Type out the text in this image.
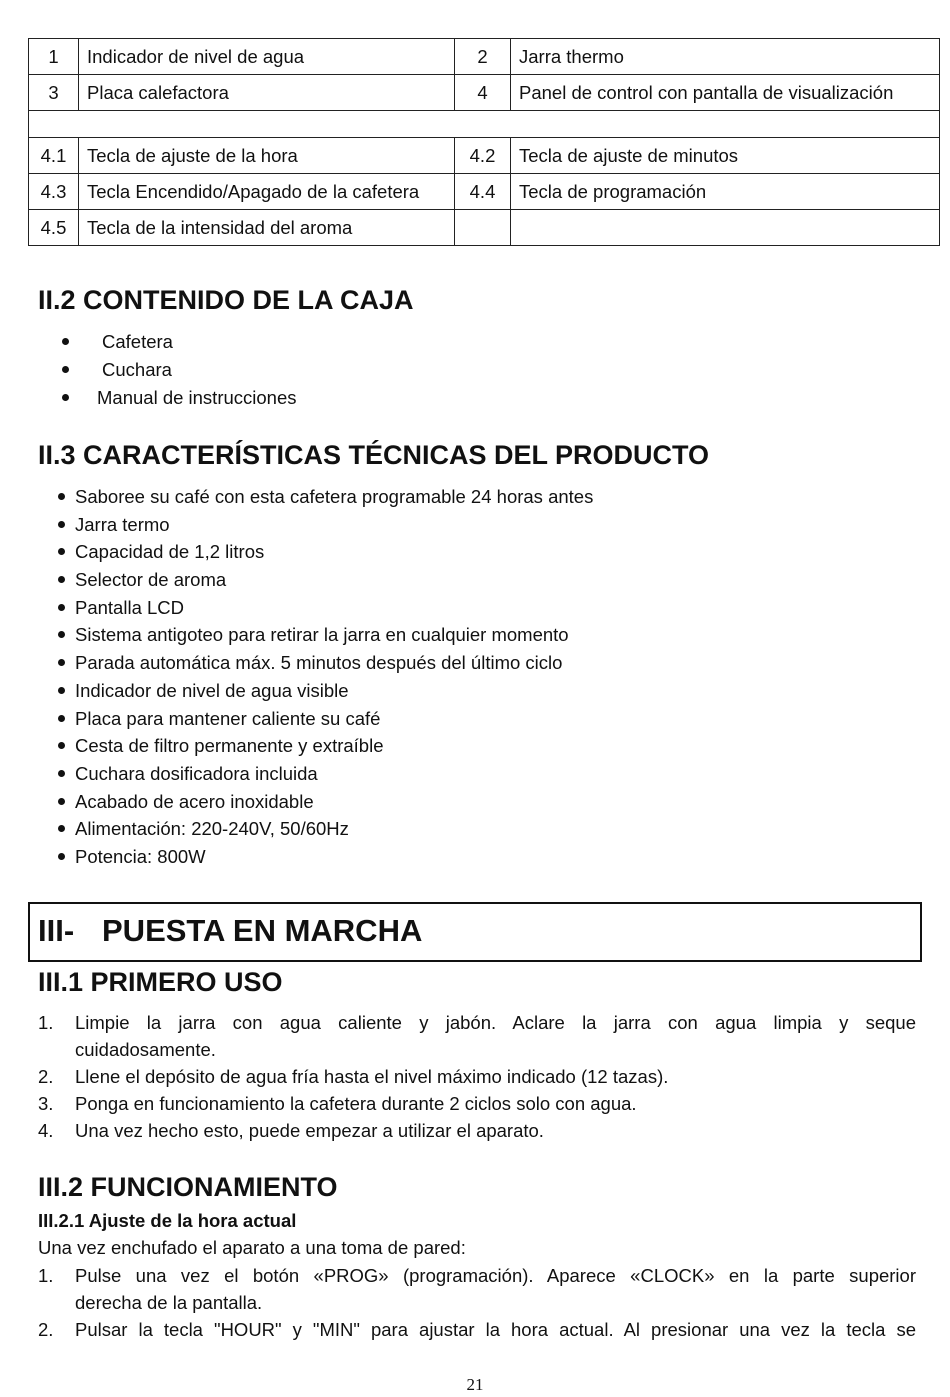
1	Indicador de nivel de agua	2	Jarra thermo
3	Placa calefactora	4	Panel de control con pantalla de visualización

4.1	Tecla de ajuste de la hora	4.2	Tecla de ajuste de minutos
4.3	Tecla Encendido/Apagado de la cafetera	4.4	Tecla de programación
4.5	Tecla de la intensidad del aroma		
II.2 CONTENIDO DE LA CAJA
Cafetera
Cuchara
Manual de instrucciones
II.3 CARACTERÍSTICAS TÉCNICAS DEL PRODUCTO
Saboree su café con esta cafetera programable 24 horas antes
Jarra termo
Capacidad de 1,2 litros
Selector de aroma
Pantalla LCD
Sistema antigoteo para retirar la jarra en cualquier momento
Parada automática máx. 5 minutos después del último ciclo
Indicador de nivel de agua visible
Placa para mantener caliente su café
Cesta de filtro permanente y extraíble
Cuchara dosificadora incluida
Acabado de acero inoxidable
Alimentación: 220-240V, 50/60Hz
Potencia: 800W
III- PUESTA EN MARCHA
III.1 PRIMERO USO
1. Limpie la jarra con agua caliente y jabón. Aclare la jarra con agua limpia y seque
cuidadosamente.
2. Llene el depósito de agua fría hasta el nivel máximo indicado (12 tazas).
3. Ponga en funcionamiento la cafetera durante 2 ciclos solo con agua.
4. Una vez hecho esto, puede empezar a utilizar el aparato.
III.2 FUNCIONAMIENTO
III.2.1 Ajuste de la hora actual
Una vez enchufado el aparato a una toma de pared:
1. Pulse una vez el botón «PROG» (programación). Aparece «CLOCK» en la parte superior
derecha de la pantalla.
2. Pulsar la tecla "HOUR" y "MIN" para ajustar la hora actual. Al presionar una vez la tecla se
21
